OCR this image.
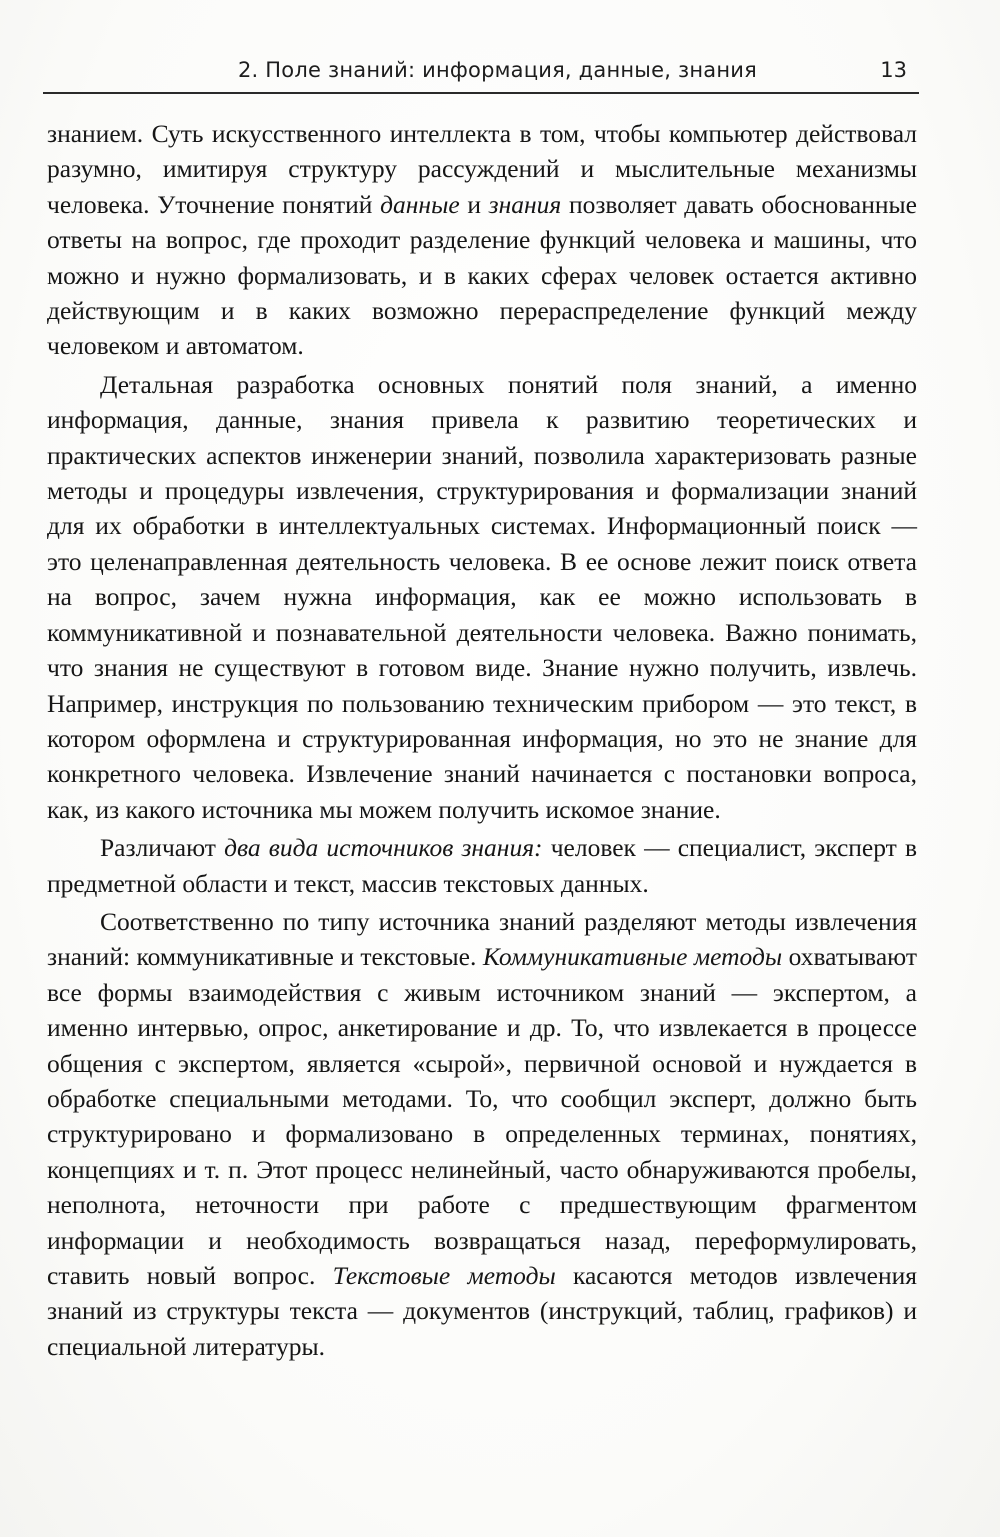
2. Поле знаний: информация, данные, знания	13

знанием. Суть искусственного интеллекта в том, чтобы компьютер действовал разумно, имитируя структуру рассуждений и мыслительные механизмы человека. Уточнение понятий данные и знания позволяет давать обоснованные ответы на вопрос, где проходит разделение функций человека и машины, что можно и нужно формализовать, и в каких сферах человек остается активно действующим и в каких возможно перераспределение функций между человеком и автоматом.

Детальная разработка основных понятий поля знаний, а именно информация, данные, знания привела к развитию теоретических и практических аспектов инженерии знаний, позволила характеризовать разные методы и процедуры извлечения, структурирования и формализации знаний для их обработки в интеллектуальных системах. Информационный поиск — это целенаправленная деятельность человека. В ее основе лежит поиск ответа на вопрос, зачем нужна информация, как ее можно использовать в коммуникативной и познавательной деятельности человека. Важно понимать, что знания не существуют в готовом виде. Знание нужно получить, извлечь. Например, инструкция по пользованию техническим прибором — это текст, в котором оформлена и структурированная информация, но это не знание для конкретного человека. Извлечение знаний начинается с постановки вопроса, как, из какого источника мы можем получить искомое знание.

Различают два вида источников знания: человек — специалист, эксперт в предметной области и текст, массив текстовых данных.

Соответственно по типу источника знаний разделяют методы извлечения знаний: коммуникативные и текстовые. Коммуникативные методы охватывают все формы взаимодействия с живым источником знаний — экспертом, а именно интервью, опрос, анкетирование и др. То, что извлекается в процессе общения с экспертом, является «сырой», первичной основой и нуждается в обработке специальными методами. То, что сообщил эксперт, должно быть структурировано и формализовано в определенных терминах, понятиях, концепциях и т. п. Этот процесс нелинейный, часто обнаруживаются пробелы, неполнота, неточности при работе с предшествующим фрагментом информации и необходимость возвращаться назад, переформулировать, ставить новый вопрос. Текстовые методы касаются методов извлечения знаний из структуры текста — документов (инструкций, таблиц, графиков) и специальной литературы.
